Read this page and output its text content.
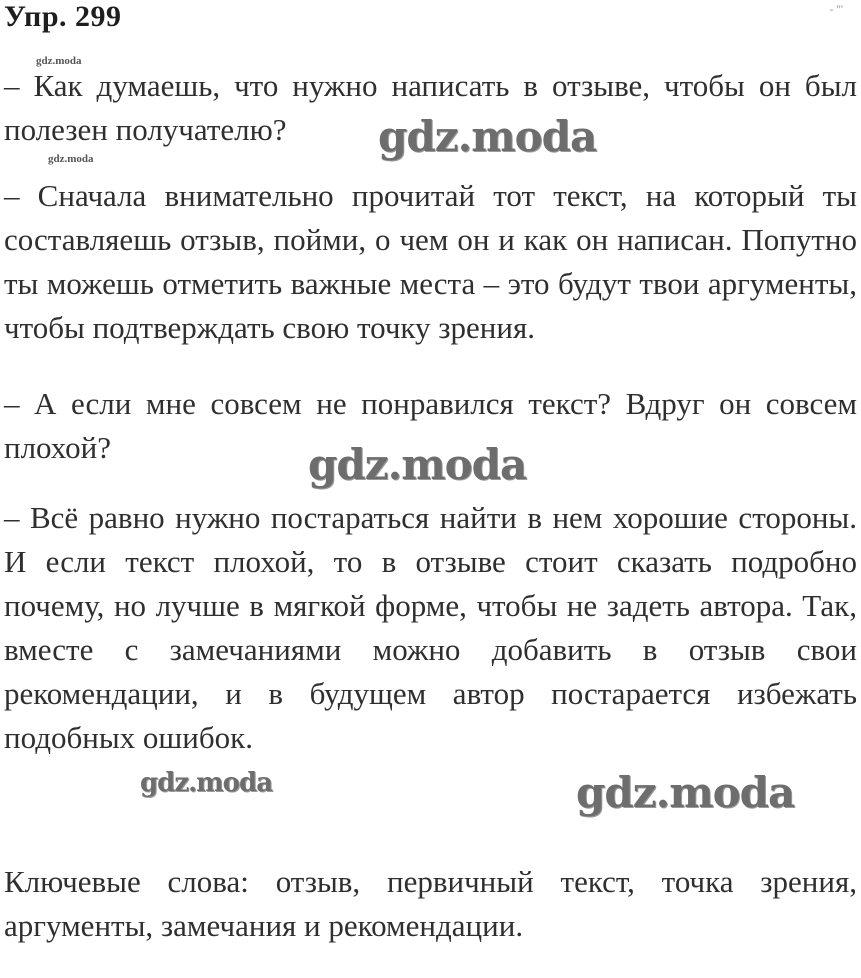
Упр. 299	- '''
gdz.moda
gdz.moda
– Как думаешь, что нужно написать в отзыве, чтобы он был полезен получателю?
– Сначала внимательно прочитай тот текст, на который ты составляешь отзыв, пойми, о чем он и как он написан. Попутно ты можешь отметить важные места – это будут твои аргументы, чтобы подтверждать свою точку зрения.
– А если мне совсем не понравился текст? Вдруг он совсем плохой?
– Всё равно нужно постараться найти в нем хорошие стороны. И если текст плохой, то в отзыве стоит сказать подробно почему, но лучше в мягкой форме, чтобы не задеть автора. Так, вместе с замечаниями можно добавить в отзыв свои рекомендации, и в будущем автор постарается избежать подобных ошибок.
Ключевые слова: отзыв, первичный текст, точка зрения, аргументы, замечания и рекомендации.
gdz.moda
gdz.moda
gdz.moda	gdz.moda
